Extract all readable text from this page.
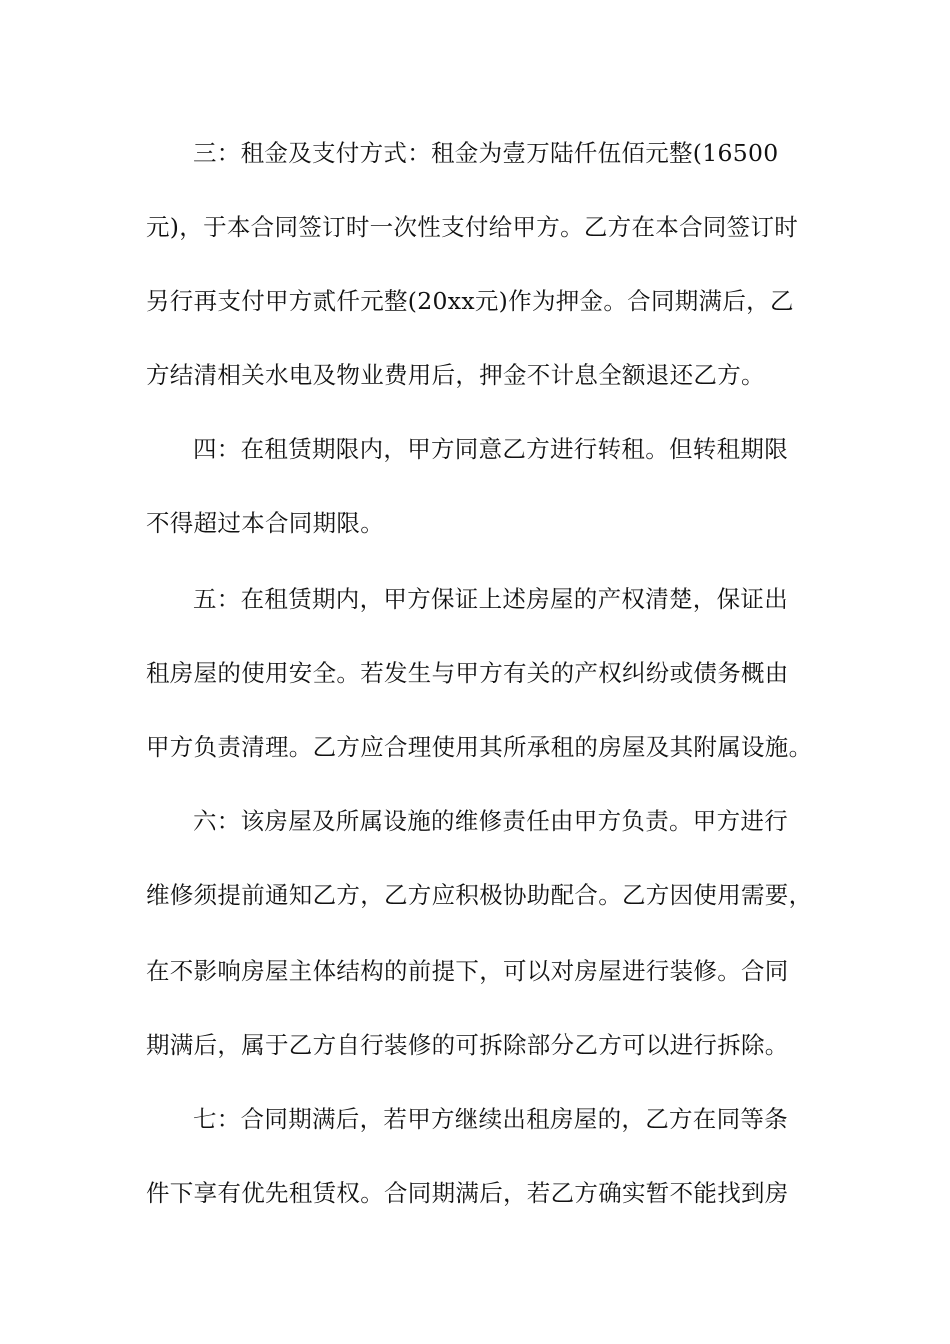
三：租金及支付方式：租金为壹万陆仟伍佰元整(16500
元)，于本合同签订时一次性支付给甲方。乙方在本合同签订时
另行再支付甲方贰仟元整(20xx元)作为押金。合同期满后，乙
方结清相关水电及物业费用后，押金不计息全额退还乙方。
四：在租赁期限内，甲方同意乙方进行转租。但转租期限
不得超过本合同期限。
五：在租赁期内，甲方保证上述房屋的产权清楚，保证出
租房屋的使用安全。若发生与甲方有关的产权纠纷或债务概由
甲方负责清理。乙方应合理使用其所承租的房屋及其附属设施。
六：该房屋及所属设施的维修责任由甲方负责。甲方进行
维修须提前通知乙方，乙方应积极协助配合。乙方因使用需要，
在不影响房屋主体结构的前提下，可以对房屋进行装修。合同
期满后，属于乙方自行装修的可拆除部分乙方可以进行拆除。
七：合同期满后，若甲方继续出租房屋的，乙方在同等条
件下享有优先租赁权。合同期满后，若乙方确实暂不能找到房
